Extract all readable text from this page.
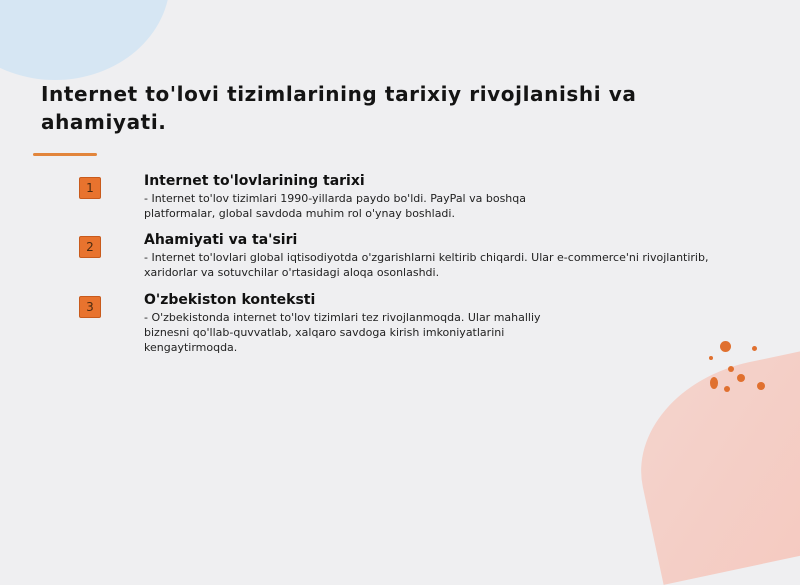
Internet to'lovi tizimlarining tarixiy rivojlanishi va ahamiyati.
1	Internet to'lovlarining tarixi
- Internet to'lov tizimlari 1990-yillarda paydo bo'ldi. PayPal va boshqa platformalar, global savdoda muhim rol o'ynay boshladi.
2	Ahamiyati va ta'siri
- Internet to'lovlari global iqtisodiyotda o'zgarishlarni keltirib chiqardi. Ular e-commerce'ni rivojlantirib, xaridorlar va sotuvchilar o'rtasidagi aloqa osonlashdi.
3	O'zbekiston konteksti
- O'zbekistonda internet to'lov tizimlari tez rivojlanmoqda. Ular mahalliy biznesni qo'llab-quvvatlab, xalqaro savdoga kirish imkoniyatlarini kengaytirmoqda.
